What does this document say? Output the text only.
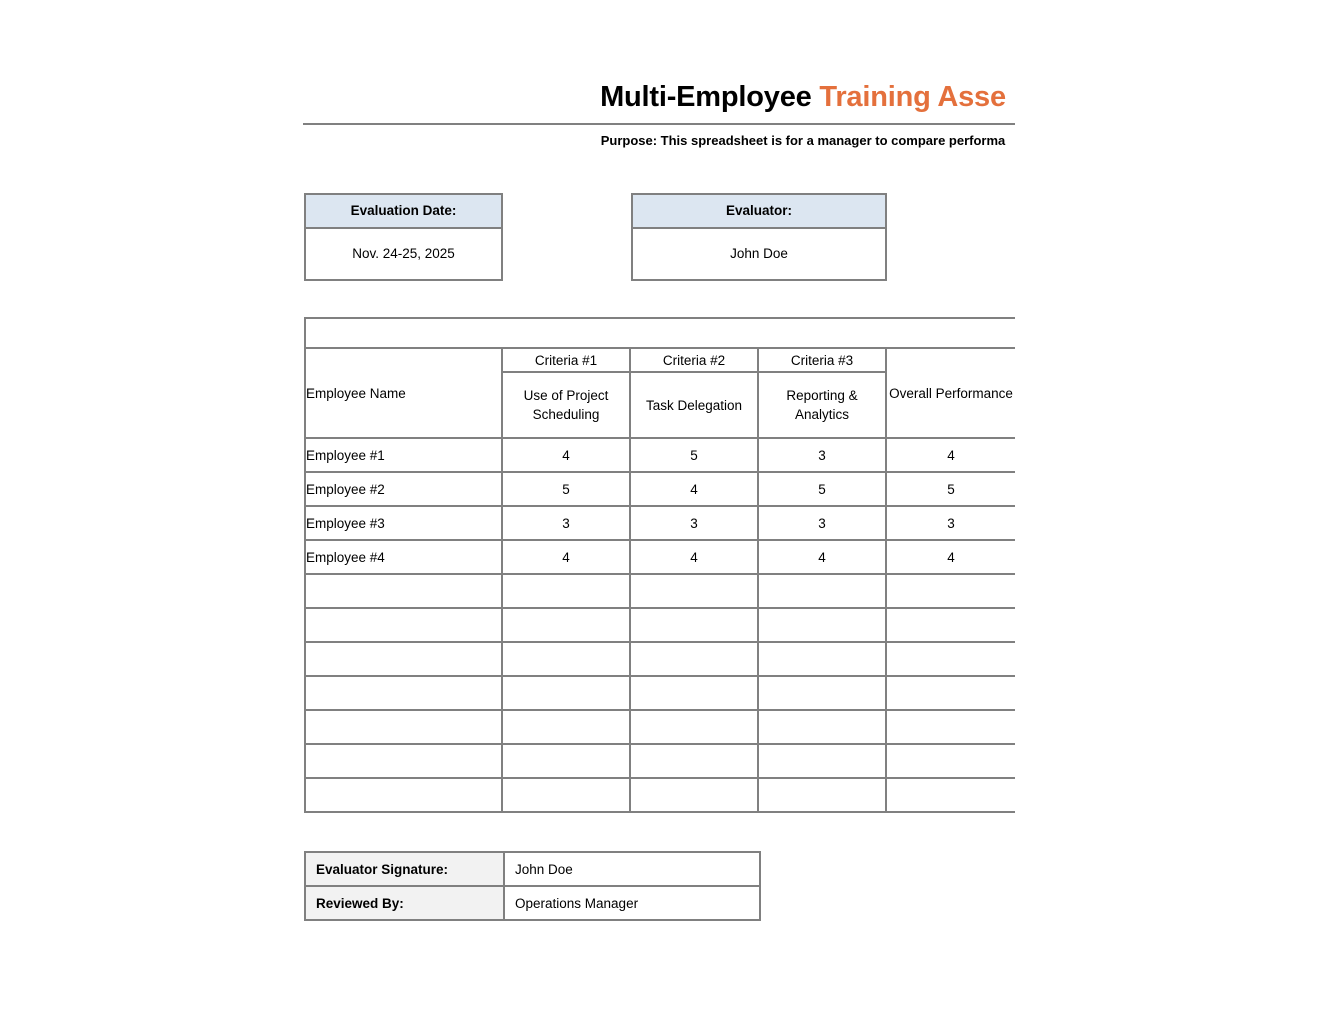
Multi-Employee Training Asse
Purpose: This spreadsheet is for a manager to compare performa
Evaluation Date:
Nov. 24-25, 2025
Evaluator:
John Doe
Note: Use 1=Unsatisfactory, 2=Needs Improvement, 3=Meets Expectations, 4=Exceeds				
Employee Name	Criteria #1	Criteria #2	Criteria #3	Overall Performance
	Use of Project Scheduling	Task Delegation	Reporting & Analytics	
Employee #1	4	5	3	4
Employee #2	5	4	5	5
Employee #3	3	3	3	3
Employee #4	4	4	4	4

Evaluator Signature:	John Doe
Reviewed By:	Operations Manager
